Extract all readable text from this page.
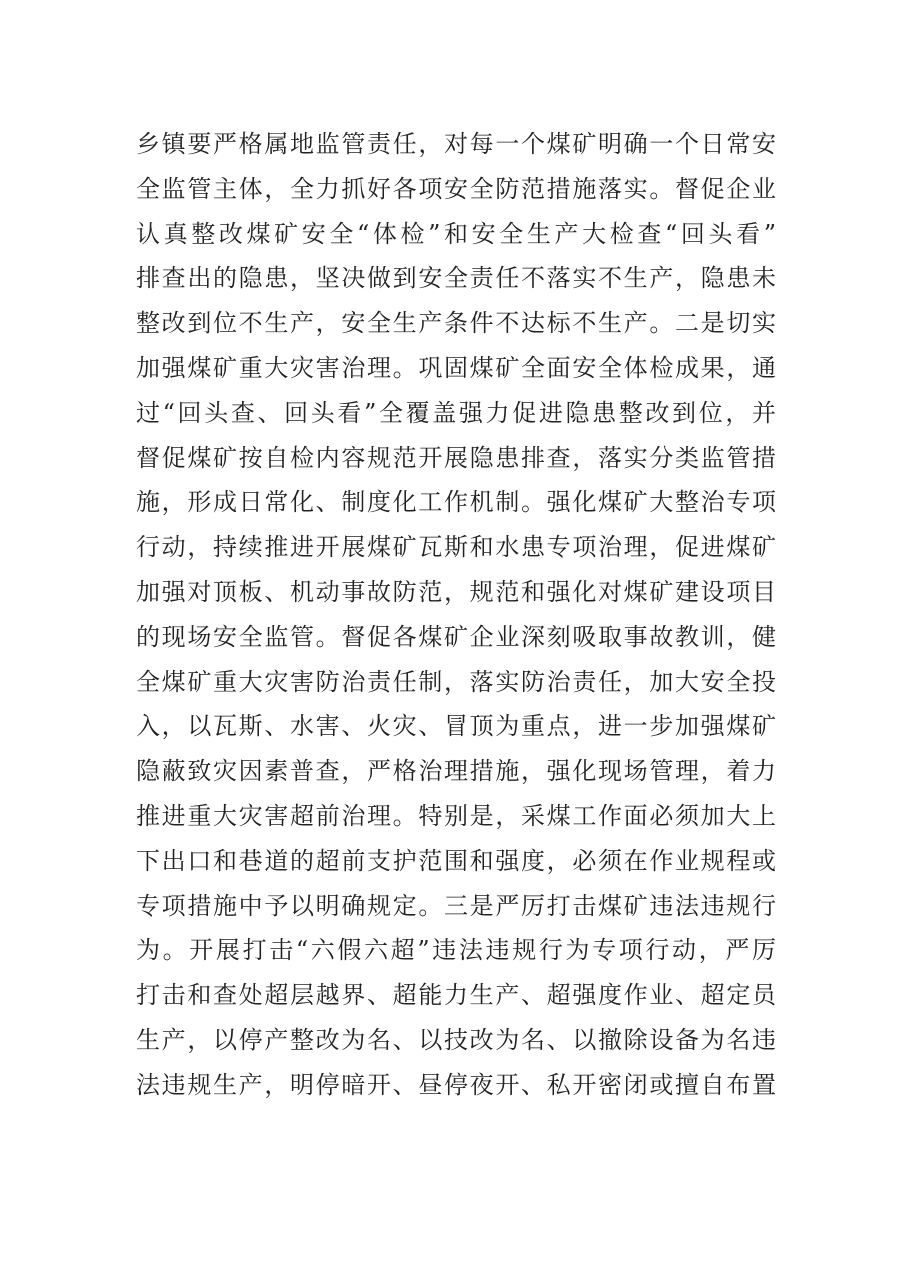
乡镇要严格属地监管责任，对每一个煤矿明确一个日常安
全监管主体，全力抓好各项安全防范措施落实。督促企业
认真整改煤矿安全“体检”和安全生产大检查“回头看”
排查出的隐患，坚决做到安全责任不落实不生产，隐患未
整改到位不生产，安全生产条件不达标不生产。二是切实
加强煤矿重大灾害治理。巩固煤矿全面安全体检成果，通
过“回头查、回头看”全覆盖强力促进隐患整改到位，并
督促煤矿按自检内容规范开展隐患排查，落实分类监管措
施，形成日常化、制度化工作机制。强化煤矿大整治专项
行动，持续推进开展煤矿瓦斯和水患专项治理，促进煤矿
加强对顶板、机动事故防范，规范和强化对煤矿建设项目
的现场安全监管。督促各煤矿企业深刻吸取事故教训，健
全煤矿重大灾害防治责任制，落实防治责任，加大安全投
入，以瓦斯、水害、火灾、冒顶为重点，进一步加强煤矿
隐蔽致灾因素普查，严格治理措施，强化现场管理，着力
推进重大灾害超前治理。特别是，采煤工作面必须加大上
下出口和巷道的超前支护范围和强度，必须在作业规程或
专项措施中予以明确规定。三是严厉打击煤矿违法违规行
为。开展打击“六假六超”违法违规行为专项行动，严厉
打击和查处超层越界、超能力生产、超强度作业、超定员
生产，以停产整改为名、以技改为名、以撤除设备为名违
法违规生产，明停暗开、昼停夜开、私开密闭或擅自布置
